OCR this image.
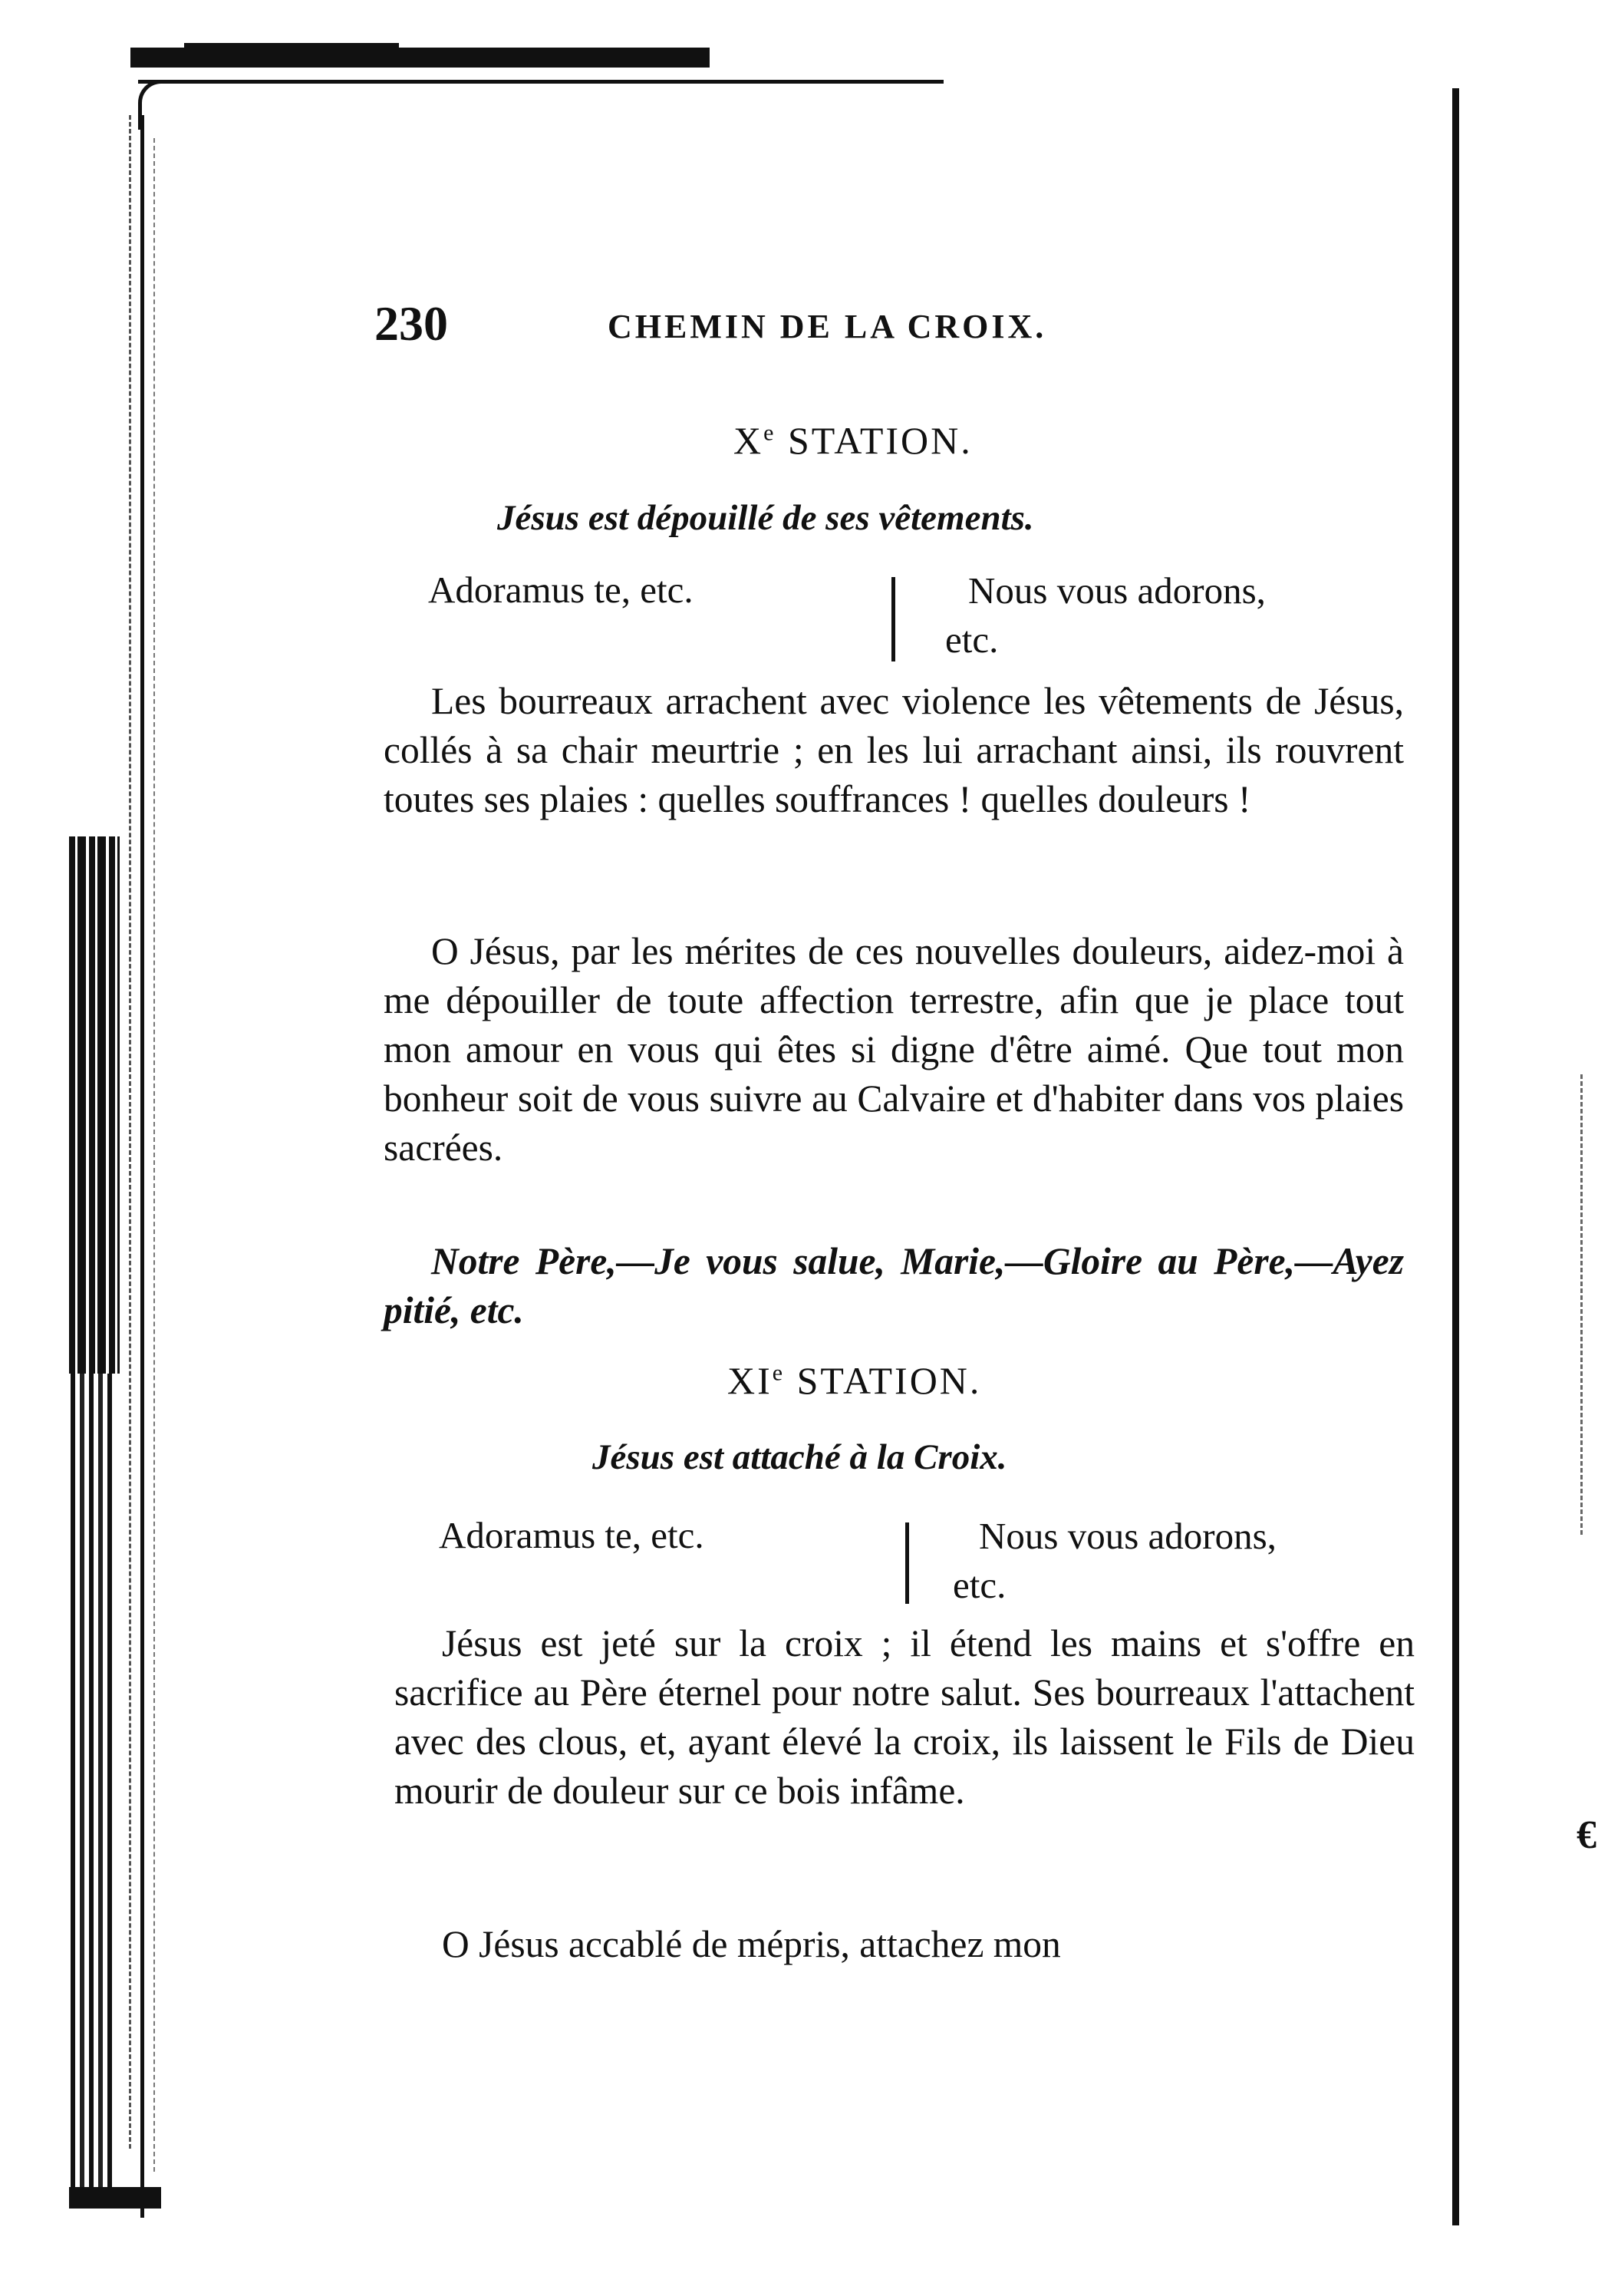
€
230	CHEMIN DE LA CROIX.
Xe STATION.
Jésus est dépouillé de ses vêtements.
Adoramus te, etc.	Nous vous adorons,
etc.
Les bourreaux arrachent avec violence les vêtements de Jésus, collés à sa chair meurtrie ; en les lui arrachant ainsi, ils rouvrent toutes ses plaies : quelles souffrances ! quelles douleurs !
O Jésus, par les mérites de ces nouvelles douleurs, aidez-moi à me dépouiller de toute affection terrestre, afin que je place tout mon amour en vous qui êtes si digne d'être aimé. Que tout mon bonheur soit de vous suivre au Calvaire et d'habiter dans vos plaies sacrées.
Notre Père,—Je vous salue, Marie,—Gloire au Père,—Ayez pitié, etc.
XIe STATION.
Jésus est attaché à la Croix.
Adoramus te, etc.	Nous vous adorons,
etc.
Jésus est jeté sur la croix ; il étend les mains et s'offre en sacrifice au Père éternel pour notre salut. Ses bourreaux l'attachent avec des clous, et, ayant élevé la croix, ils laissent le Fils de Dieu mourir de douleur sur ce bois infâme.
O Jésus accablé de mépris, attachez mon
